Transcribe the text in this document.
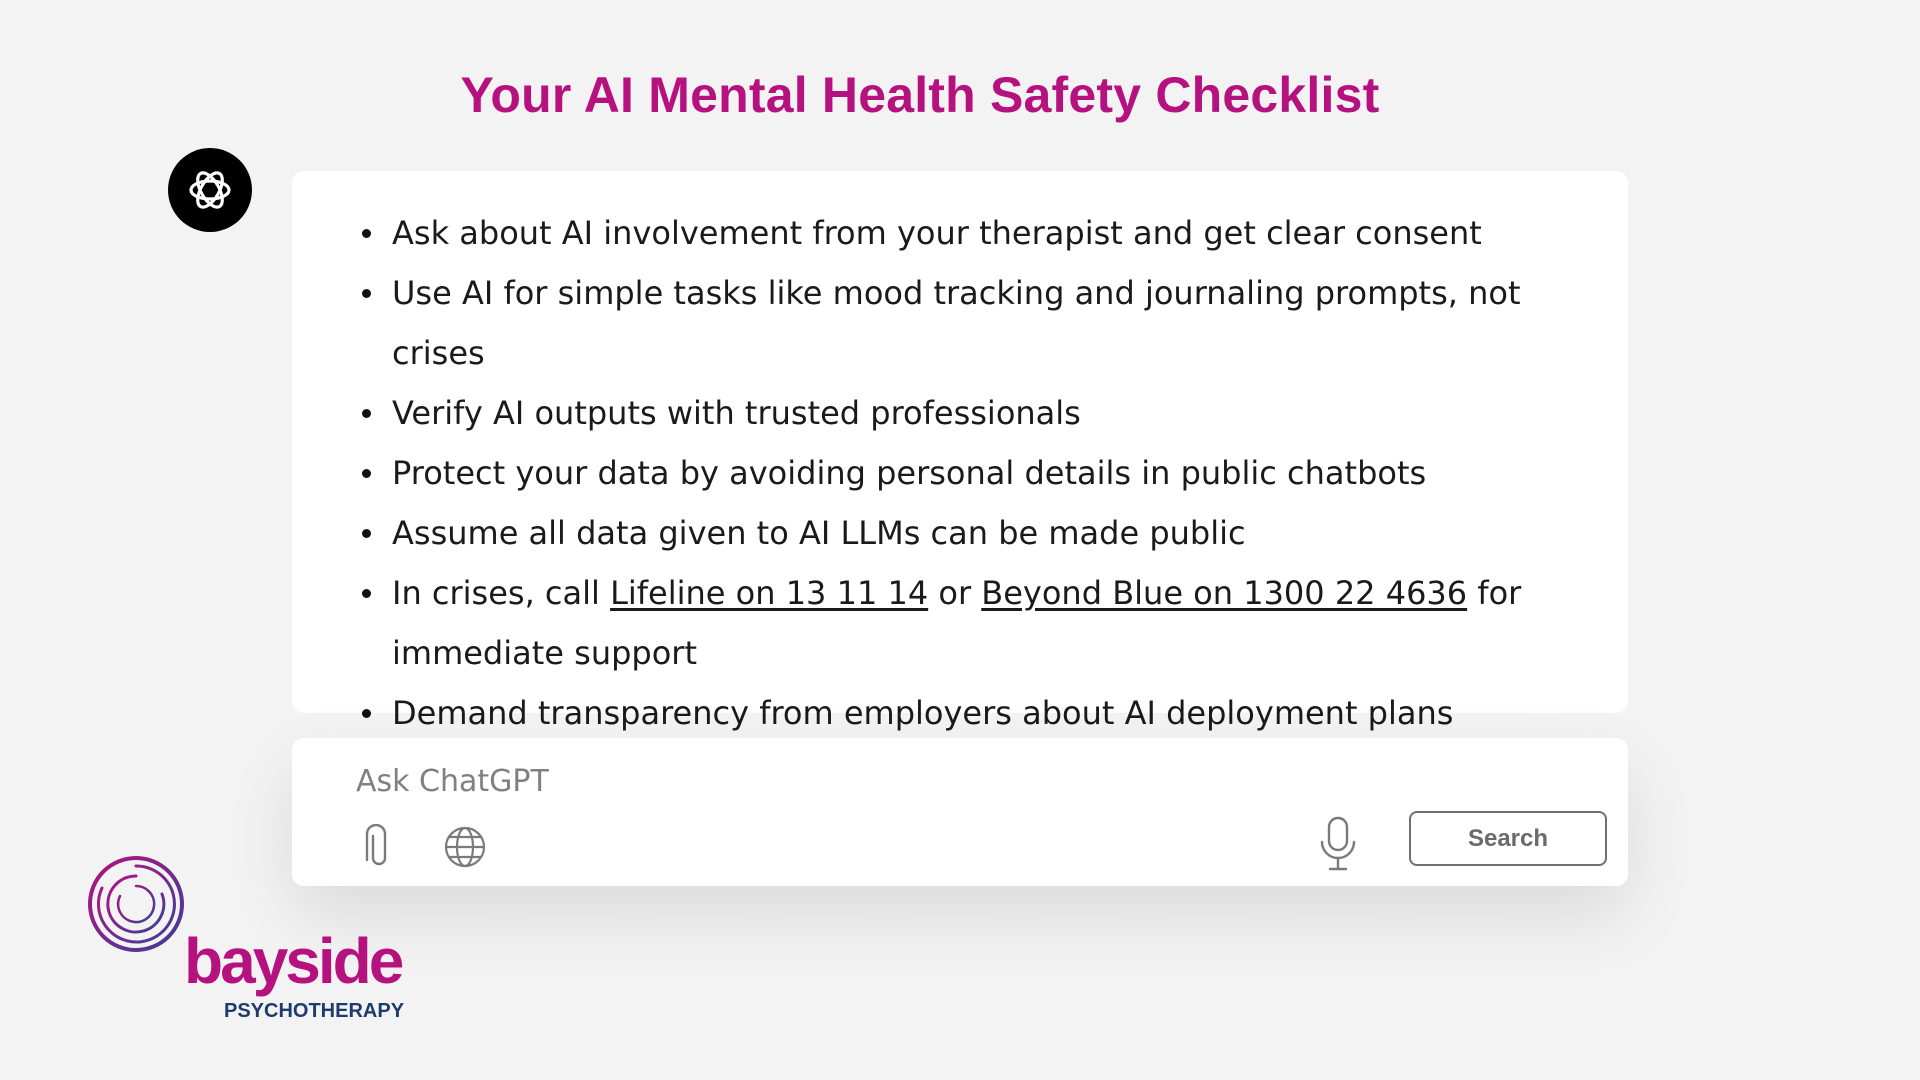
Your AI Mental Health Safety Checklist
Ask about AI involvement from your therapist and get clear consent
Use AI for simple tasks like mood tracking and journaling prompts, not crises
Verify AI outputs with trusted professionals
Protect your data by avoiding personal details in public chatbots
Assume all data given to AI LLMs can be made public
In crises, call Lifeline on 13 11 14 or Beyond Blue on 1300 22 4636 for immediate support
Demand transparency from employers about AI deployment plans
Ask ChatGPT
Search
bayside
PSYCHOTHERAPY
